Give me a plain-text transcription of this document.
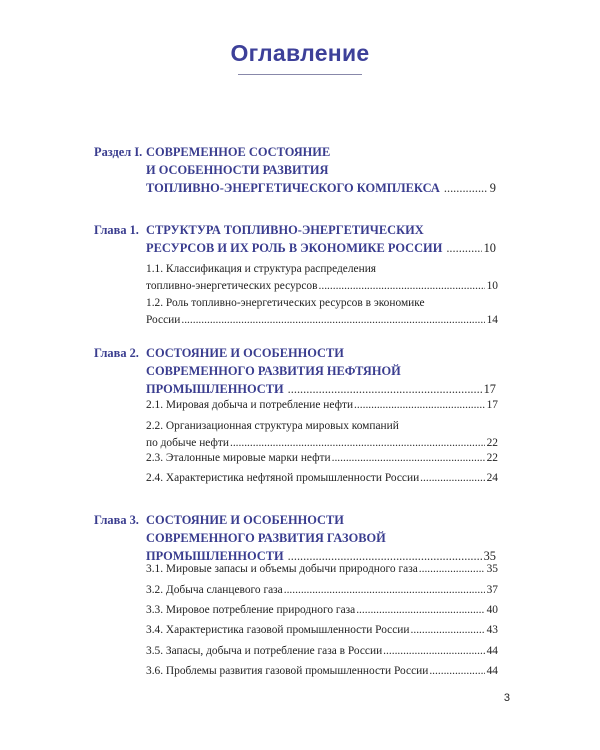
Оглавление
Раздел I. СОВРЕМЕННОЕ СОСТОЯНИЕ
И ОСОБЕННОСТИ РАЗВИТИЯ
ТОПЛИВНО-ЭНЕРГЕТИЧЕСКОГО КОМПЛЕКСА .....	9
Глава 1. СТРУКТУРА ТОПЛИВНО-ЭНЕРГЕТИЧЕСКИХ
РЕСУРСОВ И ИХ РОЛЬ В ЭКОНОМИКЕ РОССИИ .....	10
1.1. Классификация и структура распределения
топливно-энергетических ресурсов .....	10
1.2. Роль топливно-энергетических ресурсов в экономике
России .....	14
Глава 2. СОСТОЯНИЕ И ОСОБЕННОСТИ
СОВРЕМЕННОГО РАЗВИТИЯ НЕФТЯНОЙ
ПРОМЫШЛЕННОСТИ .....	17
2.1. Мировая добыча и потребление нефти .....	17
2.2. Организационная структура мировых компаний
по добыче нефти .....	22
2.3. Эталонные мировые марки нефти .....	22
2.4. Характеристика нефтяной промышленности России .....	24
Глава 3. СОСТОЯНИЕ И ОСОБЕННОСТИ
СОВРЕМЕННОГО РАЗВИТИЯ ГАЗОВОЙ
ПРОМЫШЛЕННОСТИ .....	35
3.1. Мировые запасы и объемы добычи природного газа .....	35
3.2. Добыча сланцевого газа .....	37
3.3. Мировое потребление природного газа .....	40
3.4. Характеристика газовой промышленности России .....	43
3.5. Запасы, добыча и потребление газа в России .....	44
3.6. Проблемы развития газовой промышленности России .....	44
3
